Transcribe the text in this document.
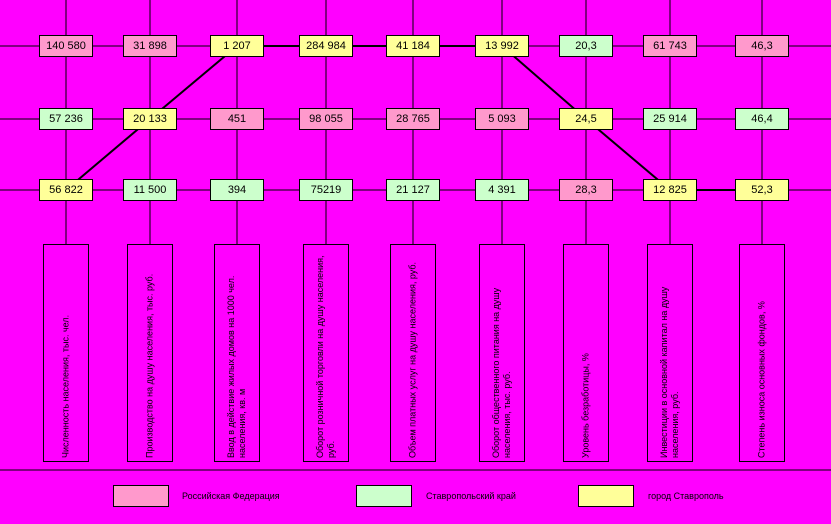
140 580	31 898	1 207	284 984	41 184	13 992	20,3	61 743	46,3
57 236	20 133	451	98 055	28 765	5 093	24,5	25 914	46,4
56 822	11 500	394	75219	21 127	4 391	28,3	12 825	52,3
Численность населения, тыс. чел.	Производство на душу населения, тыс. руб.	Ввод в действие жилых домов на 1000 чел. населения, кв. м	Оборот розничной торговли на душу населения, руб.	Объем платных услуг на душу населения, руб.	Оборот общественного питания на душу населения, тыс. руб.	Уровень безработицы, %	Инвестиции в основной капитал на душу населения, руб.	Степень износа основных фондов, %
Российская Федерация	Ставропольский край	город Ставрополь
